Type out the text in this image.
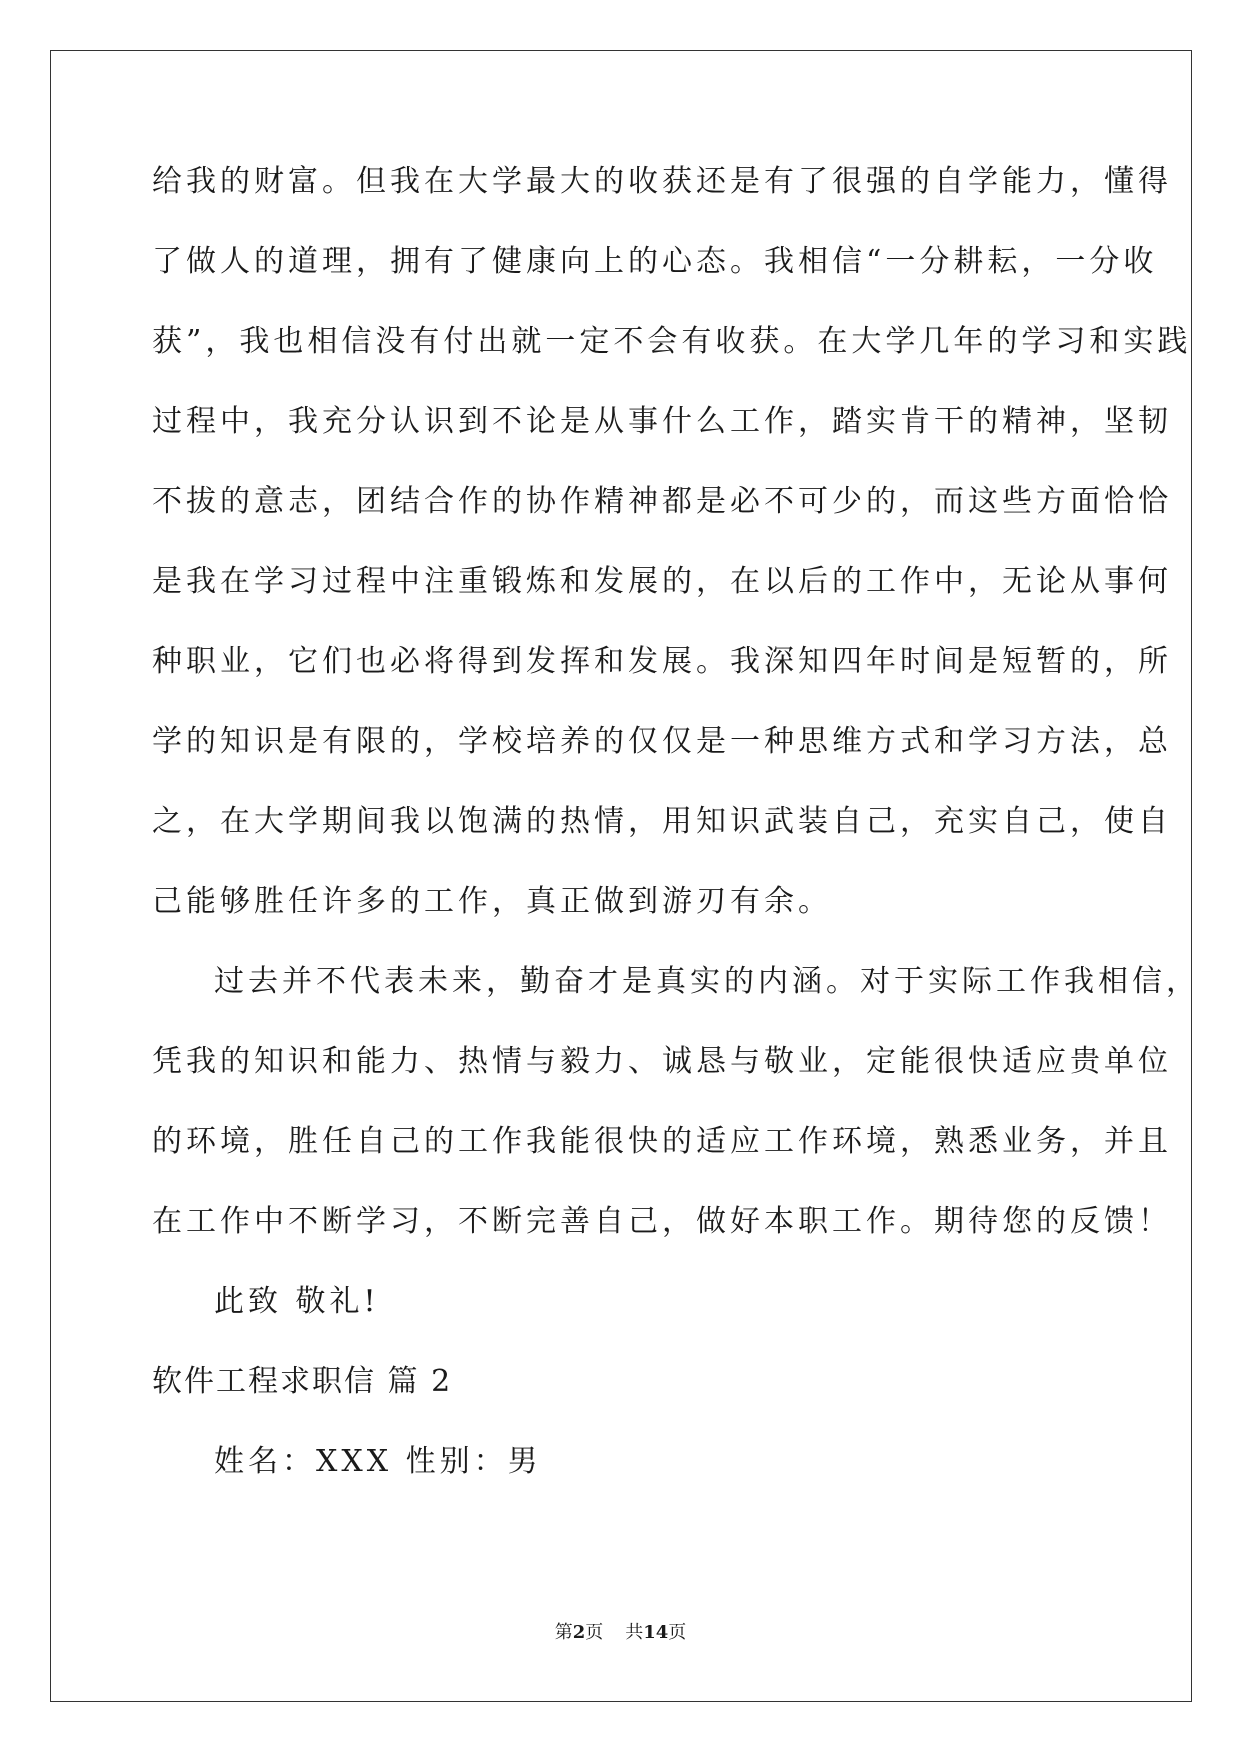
给我的财富。但我在大学最大的收获还是有了很强的自学能力，懂得
了做人的道理，拥有了健康向上的心态。我相信“一分耕耘，一分收
获”，我也相信没有付出就一定不会有收获。在大学几年的学习和实践
过程中，我充分认识到不论是从事什么工作，踏实肯干的精神，坚韧
不拔的意志，团结合作的协作精神都是必不可少的，而这些方面恰恰
是我在学习过程中注重锻炼和发展的，在以后的工作中，无论从事何
种职业，它们也必将得到发挥和发展。我深知四年时间是短暂的，所
学的知识是有限的，学校培养的仅仅是一种思维方式和学习方法，总
之，在大学期间我以饱满的热情，用知识武装自己，充实自己，使自
己能够胜任许多的工作，真正做到游刃有余。
过去并不代表未来，勤奋才是真实的内涵。对于实际工作我相信，
凭我的知识和能力、热情与毅力、诚恳与敬业，定能很快适应贵单位
的环境，胜任自己的工作我能很快的适应工作环境，熟悉业务，并且
在工作中不断学习，不断完善自己，做好本职工作。期待您的反馈！
此致 敬礼!
软件工程求职信 篇 2
姓名：XXX 性别：男
第2页 共14页
